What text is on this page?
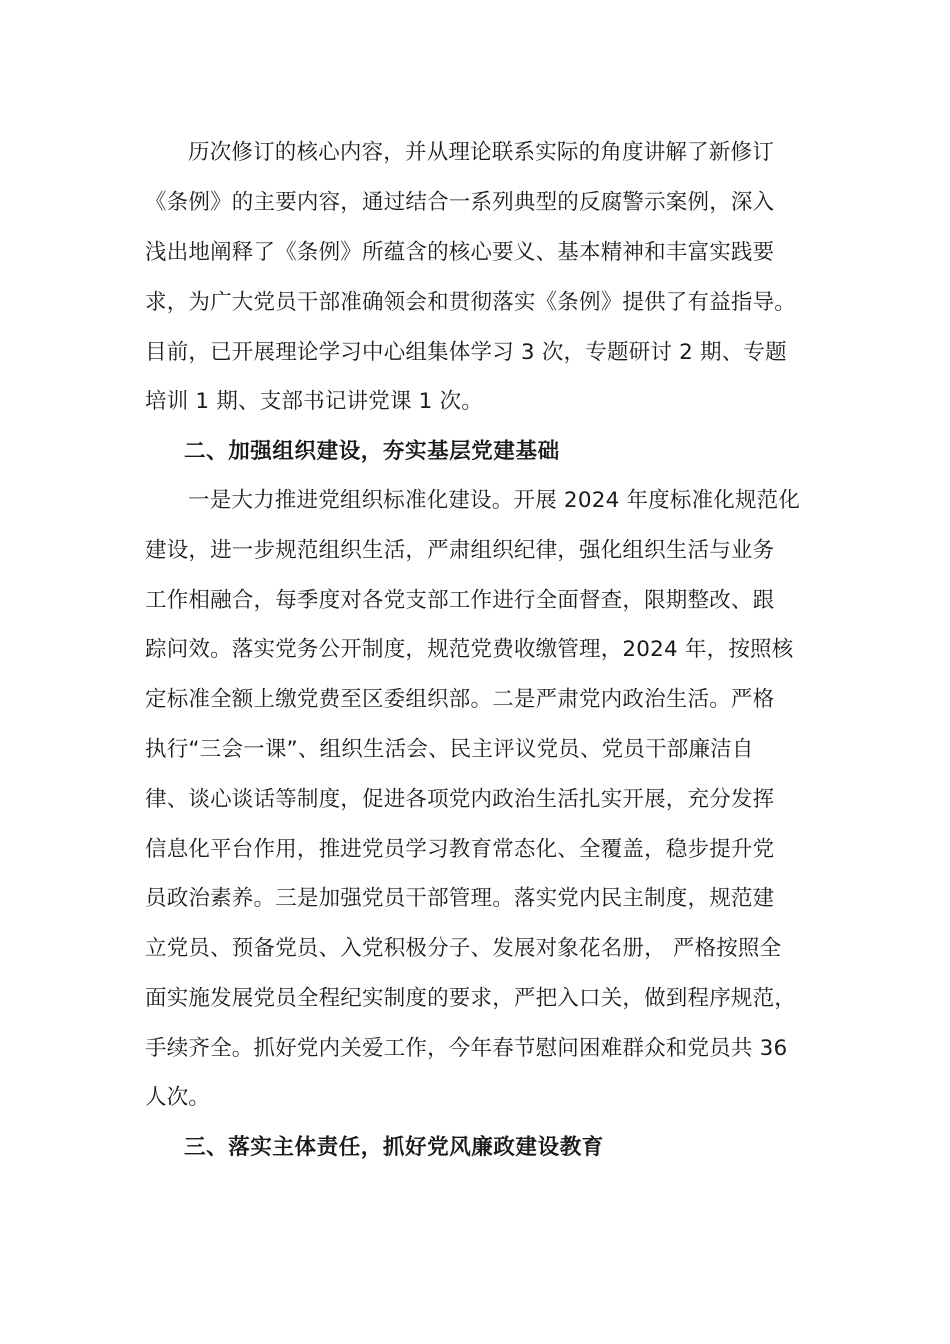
历次修订的核心内容，并从理论联系实际的角度讲解了新修订

《条例》的主要内容，通过结合一系列典型的反腐警示案例，深入

浅出地阐释了《条例》所蕴含的核心要义、基本精神和丰富实践要

求，为广大党员干部准确领会和贯彻落实《条例》提供了有益指导。

目前，已开展理论学习中心组集体学习 3 次，专题研讨 2 期、专题

培训 1 期、支部书记讲党课 1 次。

二、加强组织建设，夯实基层党建基础

一是大力推进党组织标准化建设。开展 2024 年度标准化规范化

建设，进一步规范组织生活，严肃组织纪律，强化组织生活与业务

工作相融合，每季度对各党支部工作进行全面督查，限期整改、跟

踪问效。落实党务公开制度，规范党费收缴管理，2024 年，按照核

定标准全额上缴党费至区委组织部。二是严肃党内政治生活。严格

执行“三会一课”、组织生活会、民主评议党员、党员干部廉洁自

律、谈心谈话等制度，促进各项党内政治生活扎实开展，充分发挥

信息化平台作用，推进党员学习教育常态化、全覆盖，稳步提升党

员政治素养。三是加强党员干部管理。落实党内民主制度，规范建

立党员、预备党员、入党积极分子、发展对象花名册， 严格按照全

面实施发展党员全程纪实制度的要求，严把入口关，做到程序规范，

手续齐全。抓好党内关爱工作，今年春节慰问困难群众和党员共 36

人次。

三、落实主体责任，抓好党风廉政建设教育
